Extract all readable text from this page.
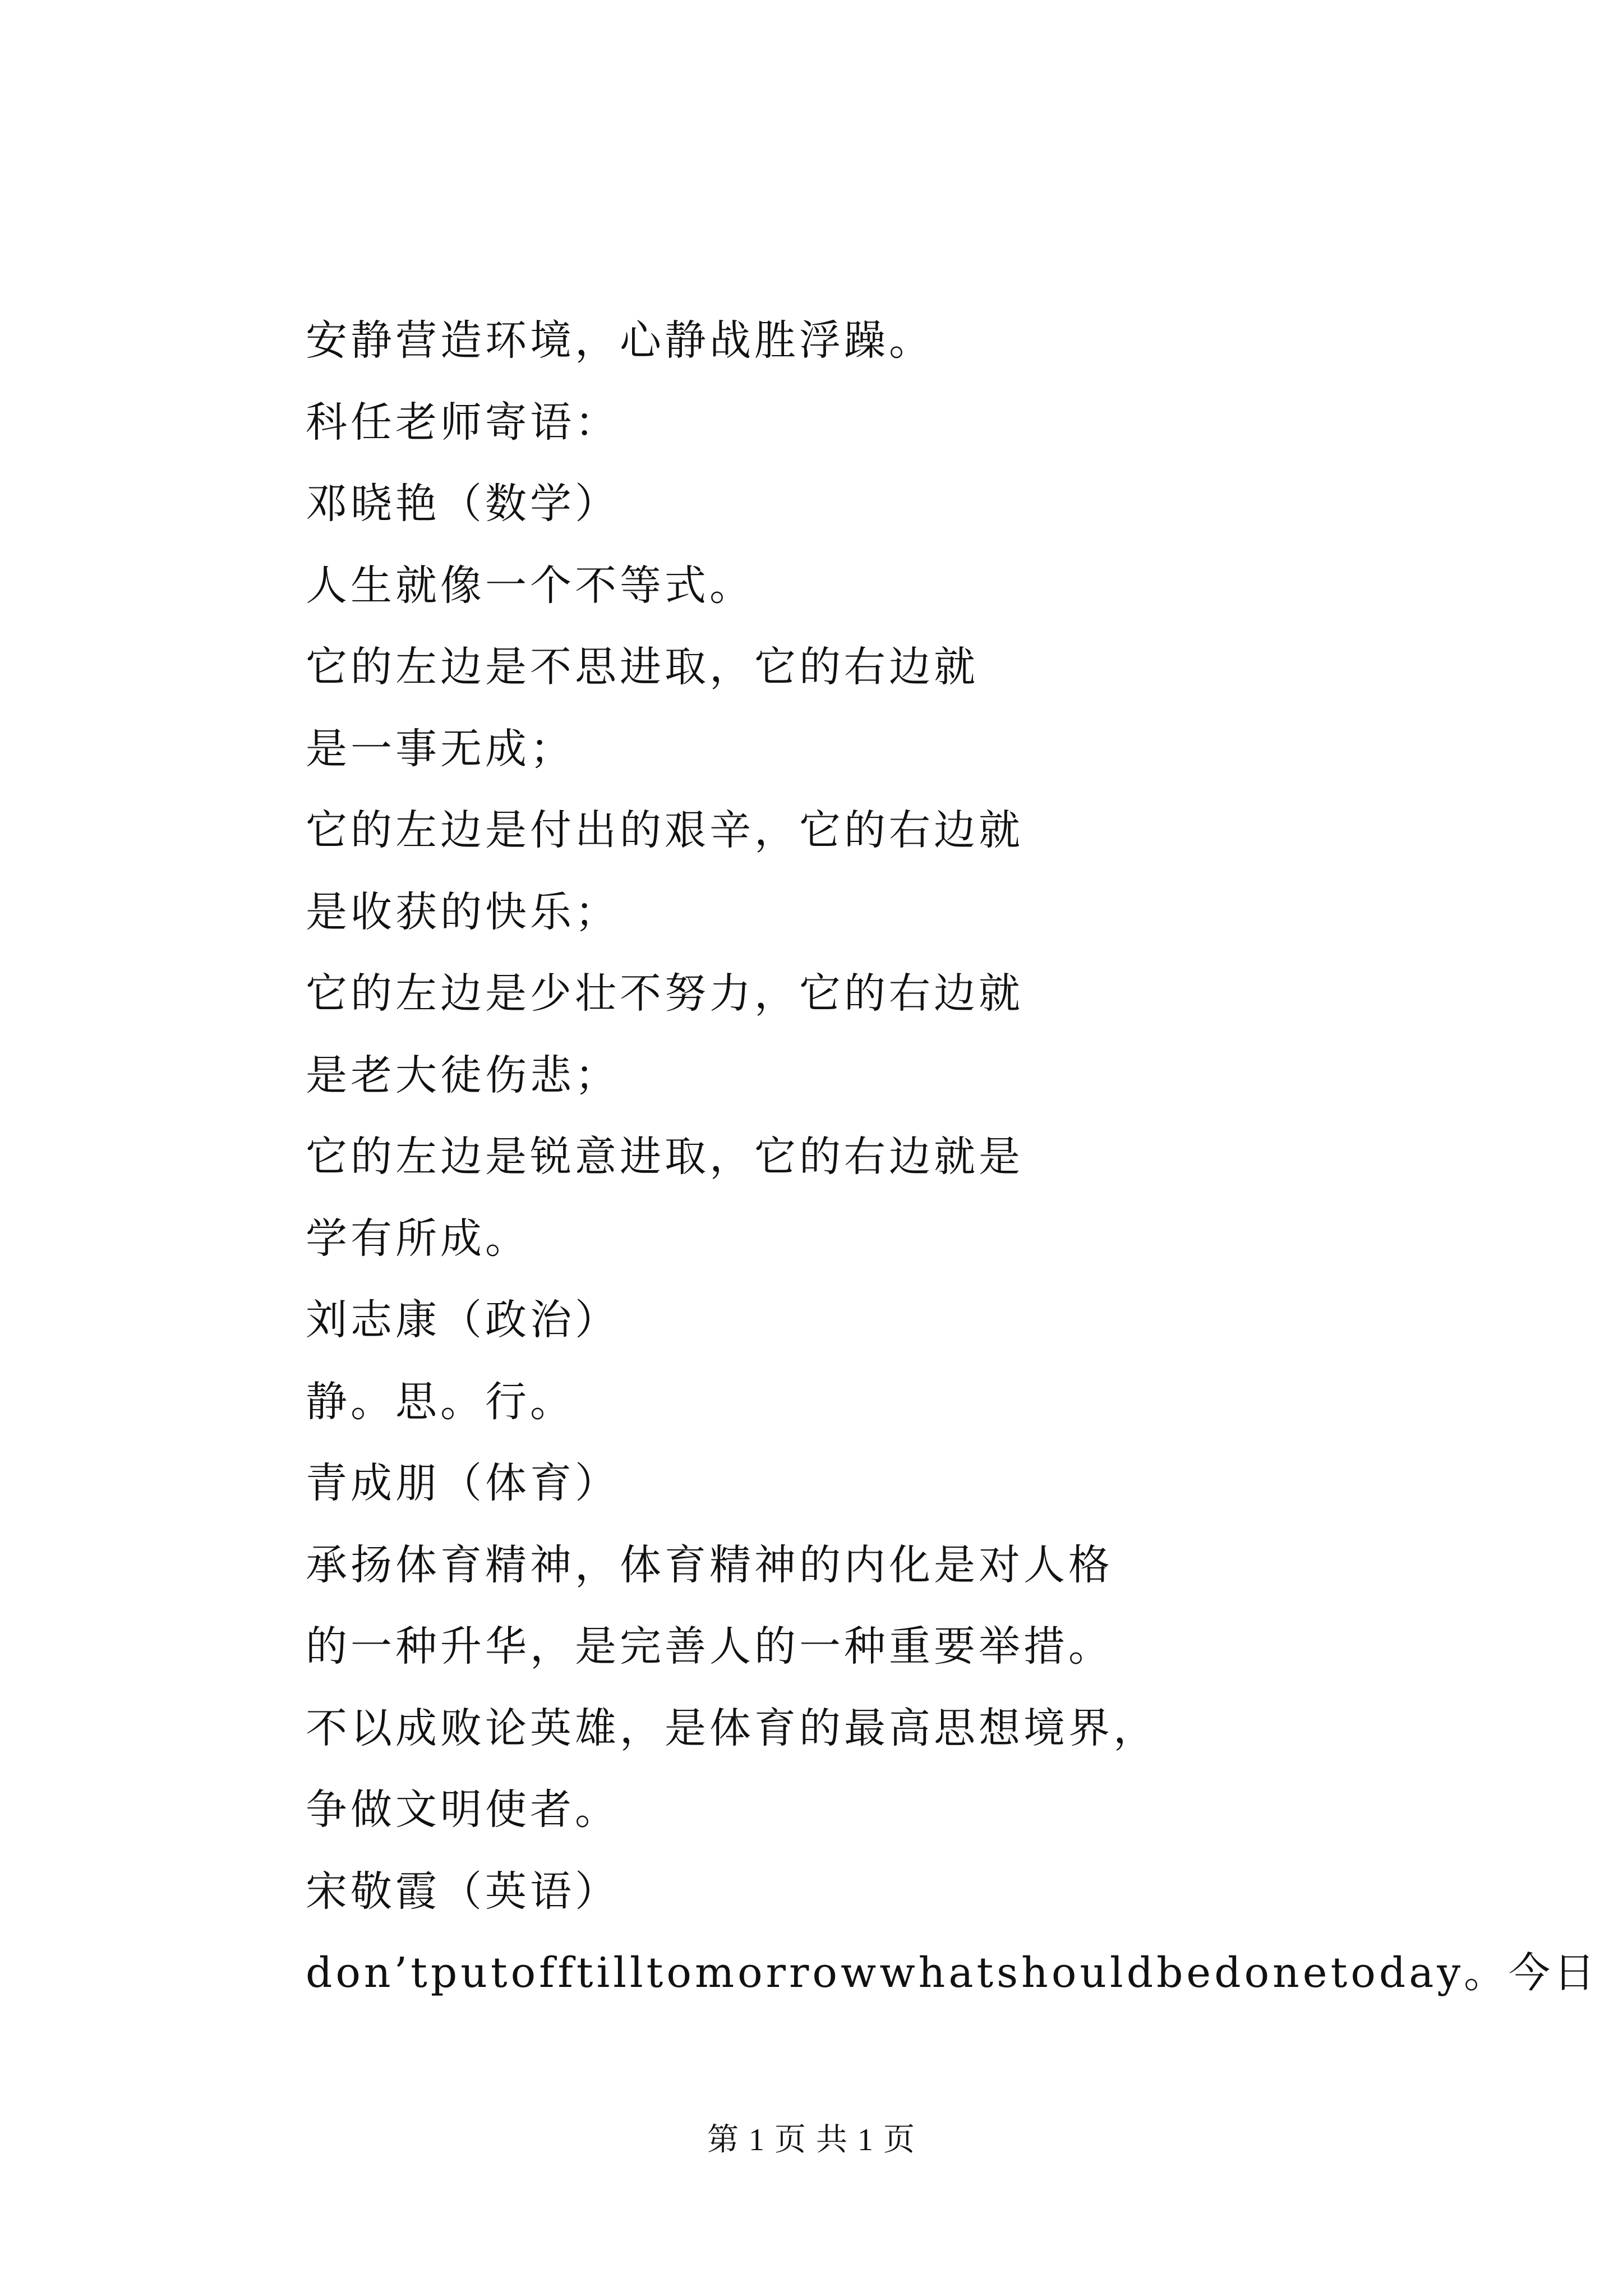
安静营造环境，心静战胜浮躁。
科任老师寄语：
邓晓艳（数学）
人生就像一个不等式。
它的左边是不思进取，它的右边就
是一事无成；
它的左边是付出的艰辛，它的右边就
是收获的快乐；
它的左边是少壮不努力，它的右边就
是老大徒伤悲；
它的左边是锐意进取，它的右边就是
学有所成。
刘志康（政治）
静。思。行。
青成朋（体育）
承扬体育精神，体育精神的内化是对人格
的一种升华，是完善人的一种重要举措。
不以成败论英雄，是体育的最高思想境界，
争做文明使者。
宋敬霞（英语）
don’tputofftilltomorrowwhatshouldbedonetoday。今日
第 1 页 共 1 页
